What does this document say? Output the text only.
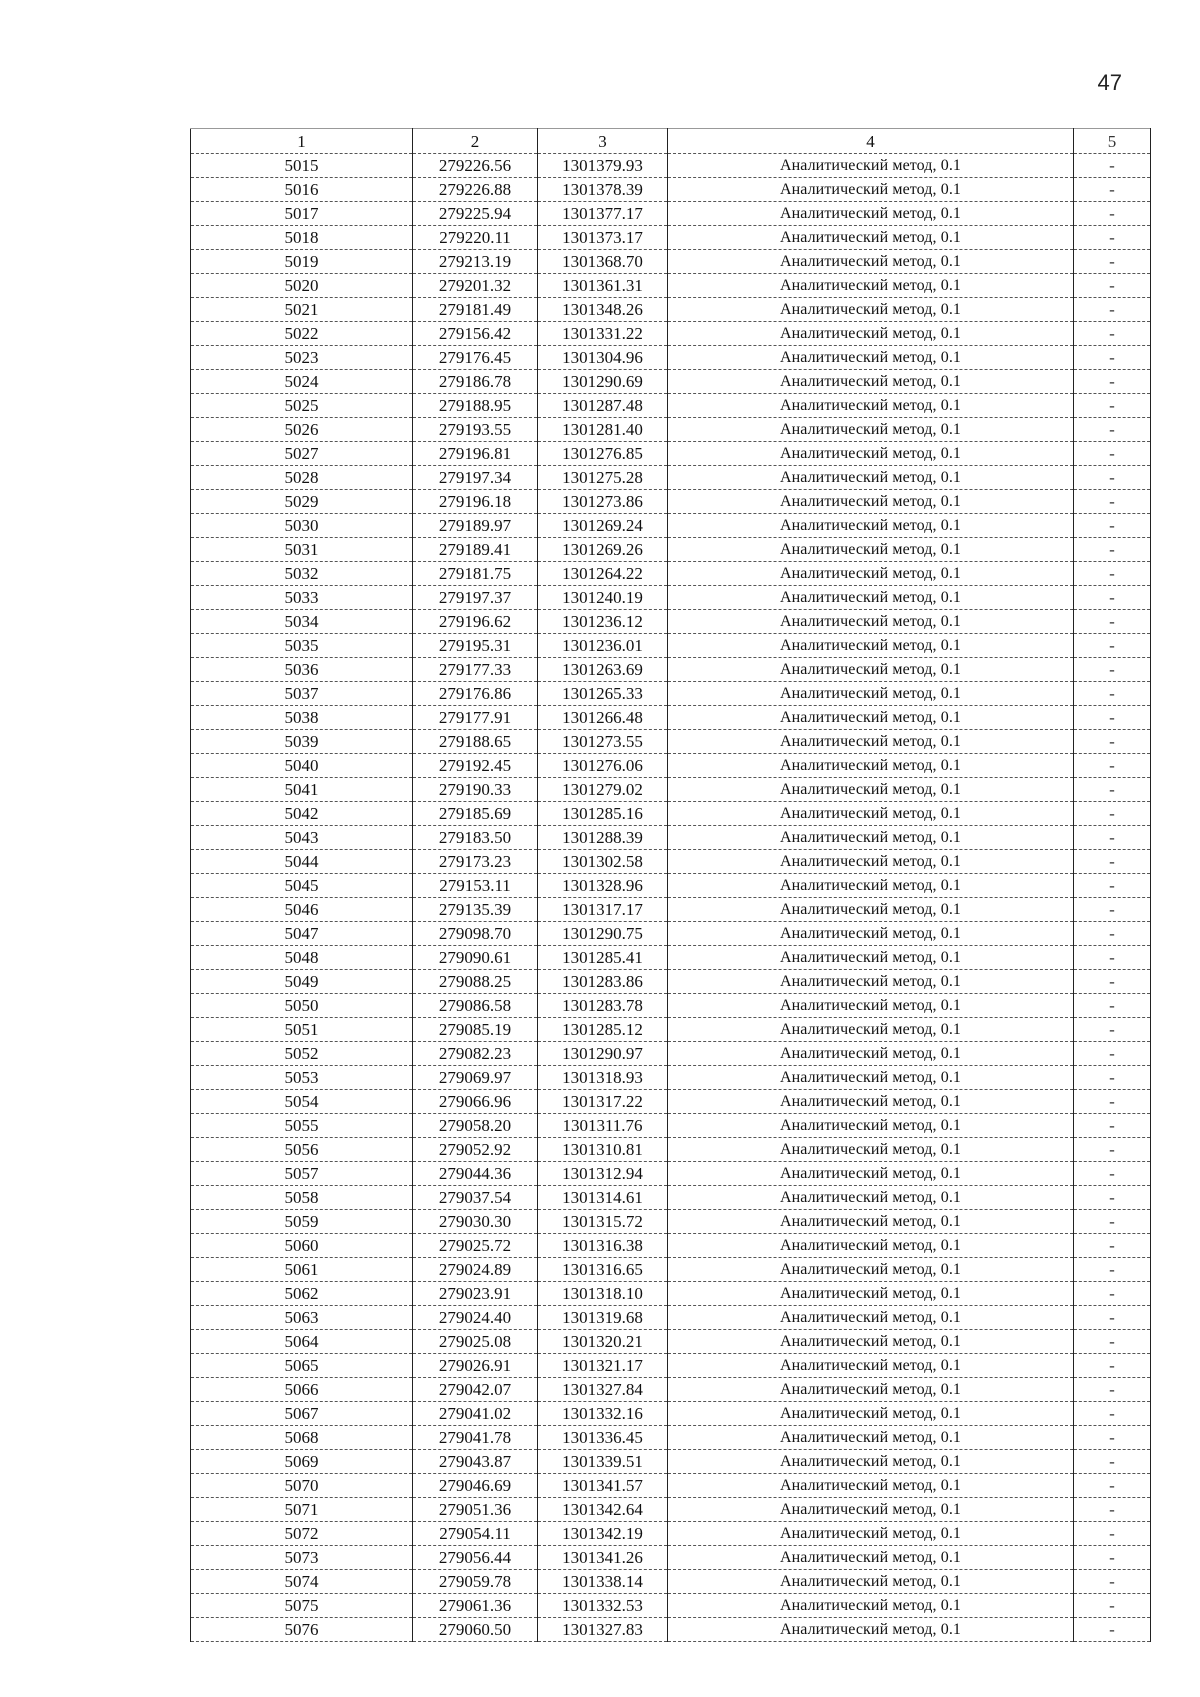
47
1	2	3	4	5
5015	279226.56	1301379.93	Аналитический метод, 0.1	-
5016	279226.88	1301378.39	Аналитический метод, 0.1	-
5017	279225.94	1301377.17	Аналитический метод, 0.1	-
5018	279220.11	1301373.17	Аналитический метод, 0.1	-
5019	279213.19	1301368.70	Аналитический метод, 0.1	-
5020	279201.32	1301361.31	Аналитический метод, 0.1	-
5021	279181.49	1301348.26	Аналитический метод, 0.1	-
5022	279156.42	1301331.22	Аналитический метод, 0.1	-
5023	279176.45	1301304.96	Аналитический метод, 0.1	-
5024	279186.78	1301290.69	Аналитический метод, 0.1	-
5025	279188.95	1301287.48	Аналитический метод, 0.1	-
5026	279193.55	1301281.40	Аналитический метод, 0.1	-
5027	279196.81	1301276.85	Аналитический метод, 0.1	-
5028	279197.34	1301275.28	Аналитический метод, 0.1	-
5029	279196.18	1301273.86	Аналитический метод, 0.1	-
5030	279189.97	1301269.24	Аналитический метод, 0.1	-
5031	279189.41	1301269.26	Аналитический метод, 0.1	-
5032	279181.75	1301264.22	Аналитический метод, 0.1	-
5033	279197.37	1301240.19	Аналитический метод, 0.1	-
5034	279196.62	1301236.12	Аналитический метод, 0.1	-
5035	279195.31	1301236.01	Аналитический метод, 0.1	-
5036	279177.33	1301263.69	Аналитический метод, 0.1	-
5037	279176.86	1301265.33	Аналитический метод, 0.1	-
5038	279177.91	1301266.48	Аналитический метод, 0.1	-
5039	279188.65	1301273.55	Аналитический метод, 0.1	-
5040	279192.45	1301276.06	Аналитический метод, 0.1	-
5041	279190.33	1301279.02	Аналитический метод, 0.1	-
5042	279185.69	1301285.16	Аналитический метод, 0.1	-
5043	279183.50	1301288.39	Аналитический метод, 0.1	-
5044	279173.23	1301302.58	Аналитический метод, 0.1	-
5045	279153.11	1301328.96	Аналитический метод, 0.1	-
5046	279135.39	1301317.17	Аналитический метод, 0.1	-
5047	279098.70	1301290.75	Аналитический метод, 0.1	-
5048	279090.61	1301285.41	Аналитический метод, 0.1	-
5049	279088.25	1301283.86	Аналитический метод, 0.1	-
5050	279086.58	1301283.78	Аналитический метод, 0.1	-
5051	279085.19	1301285.12	Аналитический метод, 0.1	-
5052	279082.23	1301290.97	Аналитический метод, 0.1	-
5053	279069.97	1301318.93	Аналитический метод, 0.1	-
5054	279066.96	1301317.22	Аналитический метод, 0.1	-
5055	279058.20	1301311.76	Аналитический метод, 0.1	-
5056	279052.92	1301310.81	Аналитический метод, 0.1	-
5057	279044.36	1301312.94	Аналитический метод, 0.1	-
5058	279037.54	1301314.61	Аналитический метод, 0.1	-
5059	279030.30	1301315.72	Аналитический метод, 0.1	-
5060	279025.72	1301316.38	Аналитический метод, 0.1	-
5061	279024.89	1301316.65	Аналитический метод, 0.1	-
5062	279023.91	1301318.10	Аналитический метод, 0.1	-
5063	279024.40	1301319.68	Аналитический метод, 0.1	-
5064	279025.08	1301320.21	Аналитический метод, 0.1	-
5065	279026.91	1301321.17	Аналитический метод, 0.1	-
5066	279042.07	1301327.84	Аналитический метод, 0.1	-
5067	279041.02	1301332.16	Аналитический метод, 0.1	-
5068	279041.78	1301336.45	Аналитический метод, 0.1	-
5069	279043.87	1301339.51	Аналитический метод, 0.1	-
5070	279046.69	1301341.57	Аналитический метод, 0.1	-
5071	279051.36	1301342.64	Аналитический метод, 0.1	-
5072	279054.11	1301342.19	Аналитический метод, 0.1	-
5073	279056.44	1301341.26	Аналитический метод, 0.1	-
5074	279059.78	1301338.14	Аналитический метод, 0.1	-
5075	279061.36	1301332.53	Аналитический метод, 0.1	-
5076	279060.50	1301327.83	Аналитический метод, 0.1	-
